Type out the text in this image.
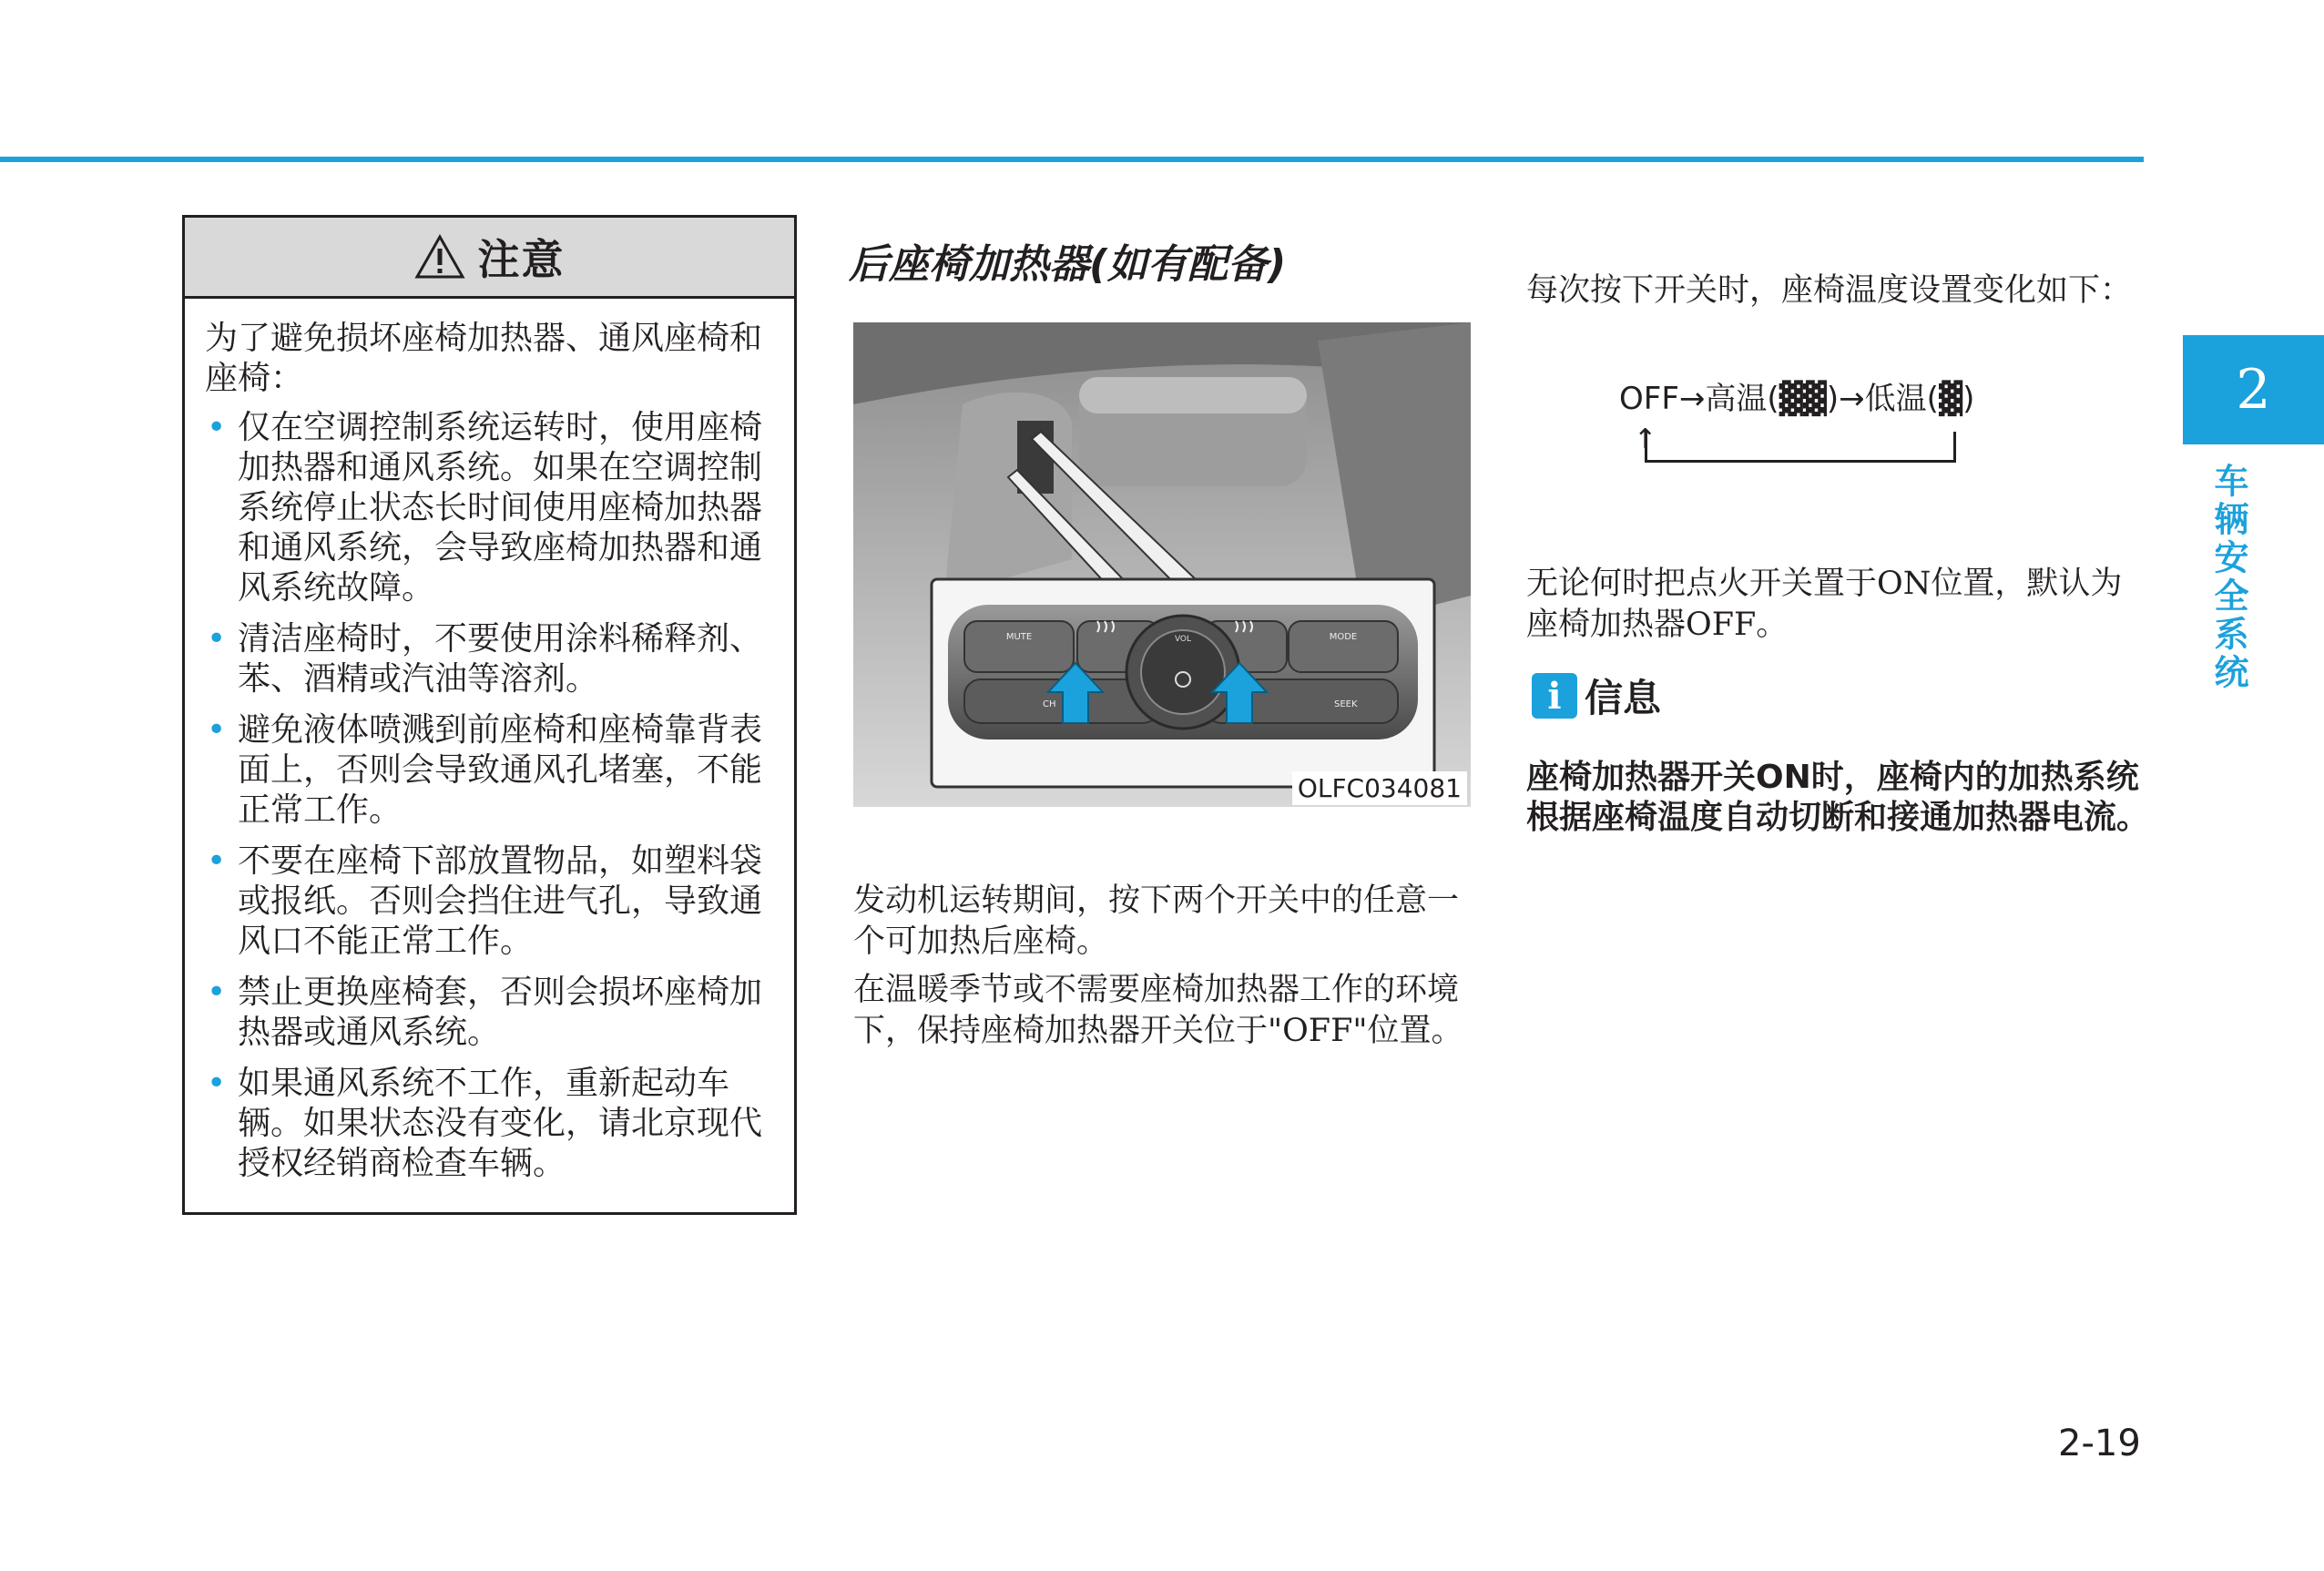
注意

为了避免损坏座椅加热器、通风座椅和座椅：

• 仅在空调控制系统运转时，使用座椅加热器和通风系统。如果在空调控制系统停止状态长时间使用座椅加热器和通风系统，会导致座椅加热器和通风系统故障。
• 清洁座椅时，不要使用涂料稀释剂、苯、酒精或汽油等溶剂。
• 避免液体喷溅到前座椅和座椅靠背表面上，否则会导致通风孔堵塞，不能正常工作。
• 不要在座椅下部放置物品，如塑料袋或报纸。否则会挡住进气孔，导致通风口不能正常工作。
• 禁止更换座椅套，否则会损坏座椅加热器或通风系统。
• 如果通风系统不工作，重新起动车辆。如果状态没有变化，请北京现代授权经销商检查车辆。
后座椅加热器(如有配备)
MUTE	MODE
VOL
CH	SEEK
OLFC034081

发动机运转期间，按下两个开关中的任意一个可加热后座椅。

在温暖季节或不需要座椅加热器工作的环境下，保持座椅加热器开关位于"OFF"位置。

每次按下开关时，座椅温度设置变化如下：

OFF→高温(▓▓)→低温(▓)
↑

无论何时把点火开关置于ON位置，默认为座椅加热器OFF。

i 信息

座椅加热器开关ON时，座椅内的加热系统根据座椅温度自动切断和接通加热器电流。

2
车辆安全系统
2-19
